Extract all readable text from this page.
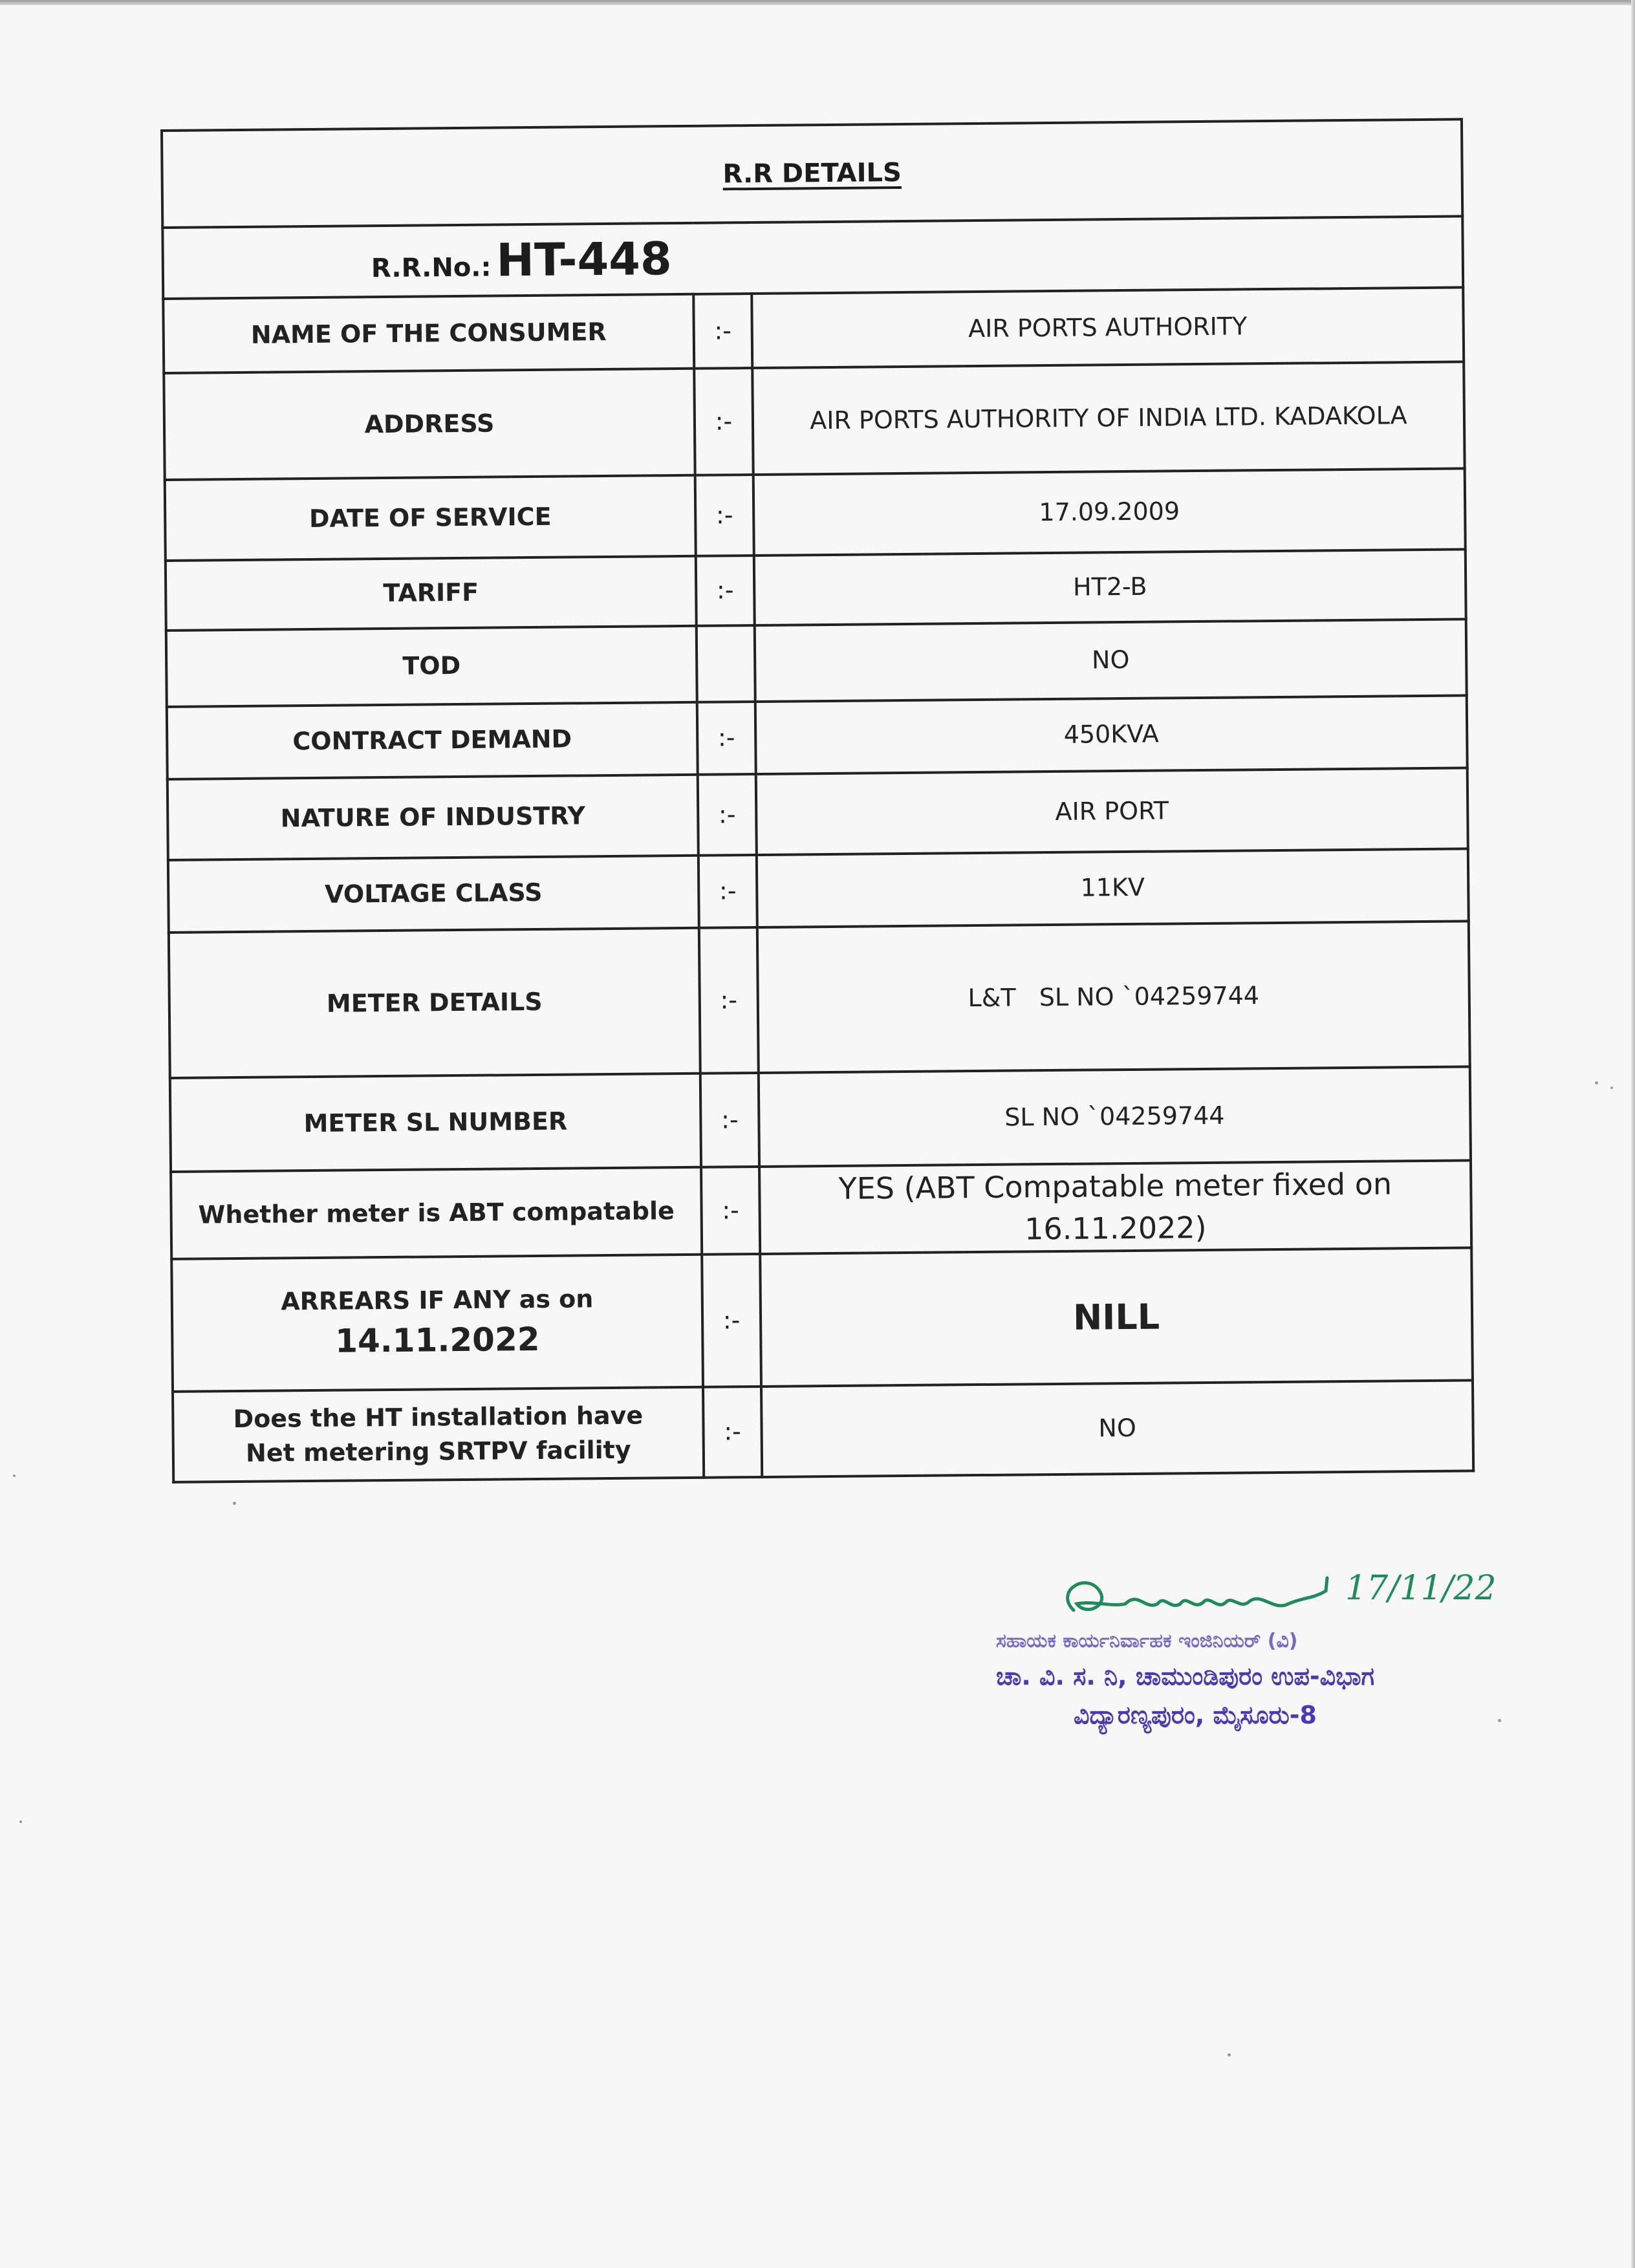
R.R DETAILS		
R.R.No.: HT-448		
NAME OF THE CONSUMER	:-	AIR PORTS AUTHORITY
ADDRESS	:-	AIR PORTS AUTHORITY OF INDIA LTD. KADAKOLA
DATE OF SERVICE	:-	17.09.2009
TARIFF	:-	HT2-B
TOD		NO
CONTRACT DEMAND	:-	450KVA
NATURE OF INDUSTRY	:-	AIR PORT
VOLTAGE CLASS	:-	11KV
METER DETAILS	:-	L&T   SL NO `04259744
METER SL NUMBER	:-	SL NO `04259744
Whether meter is ABT compatable	:-	YES (ABT Compatable meter fixed on 16.11.2022)
ARREARS IF ANY as on 14.11.2022	:-	NILL
Does the HT installation have Net metering SRTPV facility	:-	NO
17/11/22
ಸಹಾಯಕ ಕಾರ್ಯನಿರ್ವಾಹಕ ಇಂಜಿನಿಯರ್ (ವಿ)
ಚಾ. ವಿ. ಸ. ನಿ, ಚಾಮುಂಡಿಪುರಂ ಉಪ-ವಿಭಾಗ
ವಿದ್ಯಾರಣ್ಯಪುರಂ, ಮೈಸೂರು-8
